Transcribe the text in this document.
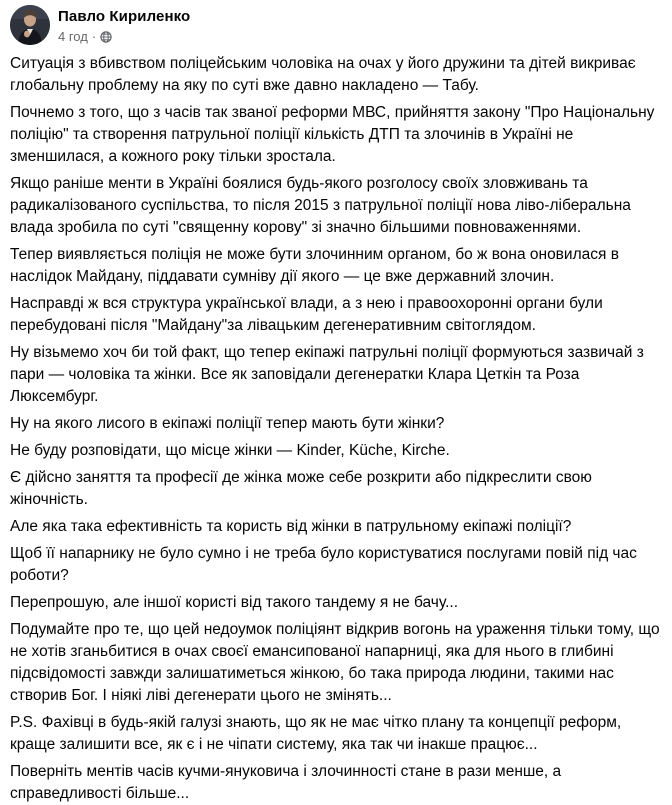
Павло Кириленко
4 год ·

Ситуація з вбивством поліцейським чоловіка на очах у його дружини та дітей викриває глобальну проблему на яку по суті вже давно накладено — Табу.

Почнемо з того, що з часів так званої реформи МВС, прийняття закону "Про Національну поліцію" та створення патрульної поліції кількість ДТП та злочинів в Україні не зменшилася, а кожного року тільки зростала.

Якщо раніше менти в Україні боялися будь-якого розголосу своїх зловживань та радикалізованого суспільства, то після 2015 з патрульної поліції нова ліво-ліберальна влада зробила по суті "священну корову" зі значно більшими повноваженнями.

Тепер виявляється поліція не може бути злочинним органом, бо ж вона оновилася в наслідок Майдану, піддавати сумніву дії якого — це вже державний злочин.

Насправді ж вся структура української влади, а з нею і правоохоронні органи були перебудовані після "Майдану"за лівацьким дегенеративним світоглядом.

Ну візьмемо хоч би той факт, що тепер екіпажі патрульні поліції формуються зазвичай з пари — чоловіка та жінки. Все як заповідали дегенератки Клара Цеткін та Роза Люксембург.

Ну на якого лисого в екіпажі поліції тепер мають бути жінки?

Не буду розповідати, що місце жінки — Kinder, Küche, Kirche.

Є дійсно заняття та професії де жінка може себе розкрити або підкреслити свою жіночність.

Але яка така ефективність та користь від жінки в патрульному екіпажі поліції?

Щоб її напарнику не було сумно і не треба було користуватися послугами повій під час роботи?

Перепрошую, але іншої користі від такого тандему я не бачу...

Подумайте про те, що цей недоумок поліціянт відкрив вогонь на ураження тільки тому, що не хотів зганьбитися в очах своєї емансипованої напарниці, яка для нього в глибині підсвідомості завжди залишатиметься жінкою, бо така природа людини, такими нас створив Бог. І ніякі ліві дегенерати цього не змінять...

P.S. Фахівці в будь-якій галузі знають, що як не має чітко плану та концепції реформ, краще залишити все, як є і не чіпати систему, яка так чи інакше працює...

Поверніть ментів часів кучми-януковича і злочинності стане в рази менше, а справедливості більше...
